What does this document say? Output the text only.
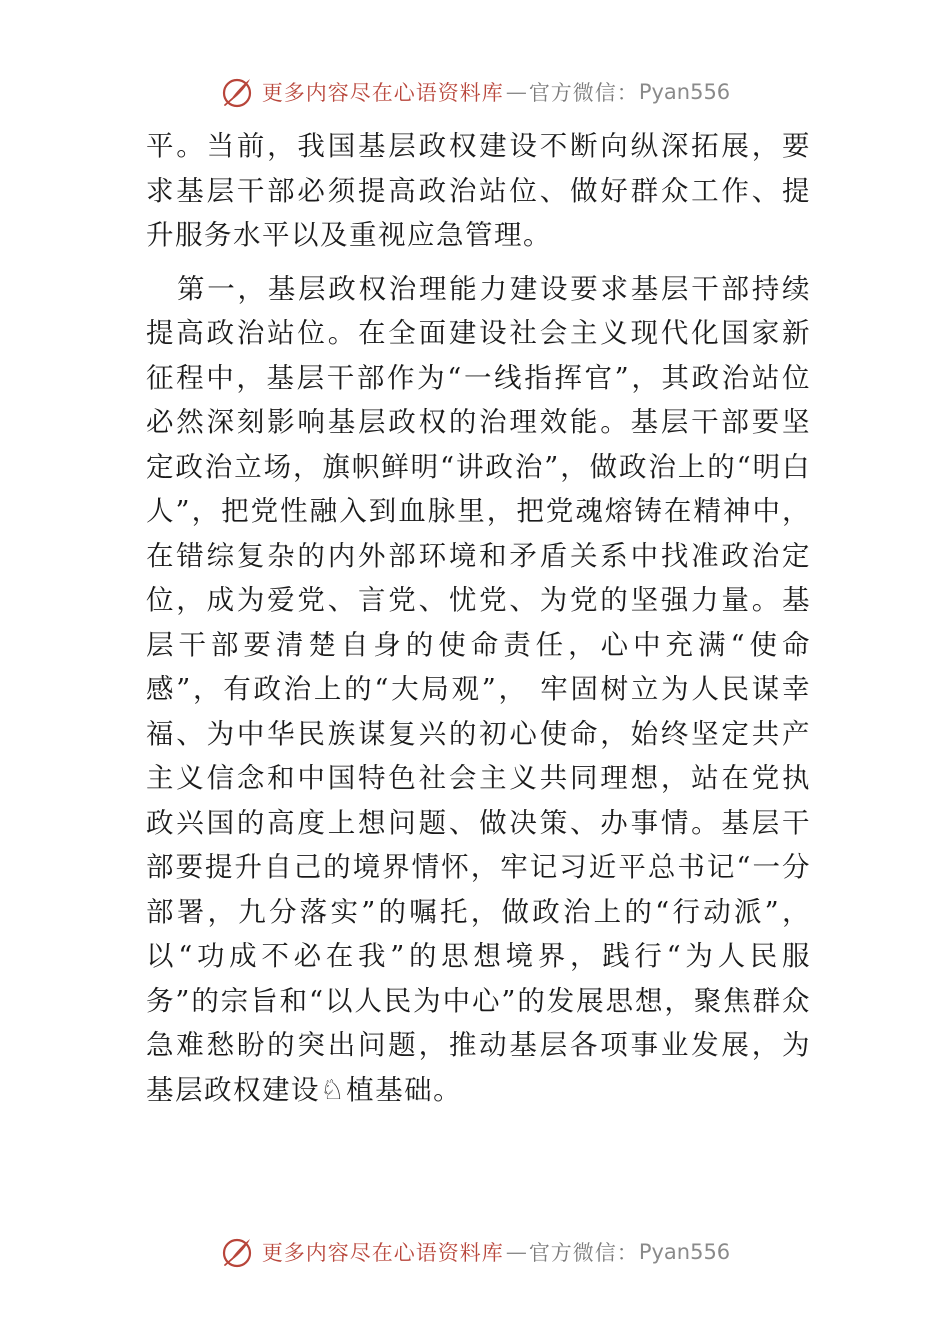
更多内容尽在心语资料库 — 官方微信： Pyan556

平。当前，我国基层政权建设不断向纵深拓展，要求基层干部必须提高政治站位、做好群众工作、提升服务水平以及重视应急管理。

第一，基层政权治理能力建设要求基层干部持续提高政治站位。在全面建设社会主义现代化国家新征程中，基层干部作为“一线指挥官”，其政治站位必然深刻影响基层政权的治理效能。基层干部要坚定政治立场，旗帜鲜明“讲政治”，做政治上的“明白人”，把党性融入到血脉里，把党魂熔铸在精神中，在错综复杂的内外部环境和矛盾关系中找准政治定位，成为爱党、言党、忧党、为党的坚强力量。基层干部要清楚自身的使命责任，心中充满“使命感”，有政治上的“大局观”， 牢固树立为人民谋幸福、为中华民族谋复兴的初心使命，始终坚定共产主义信念和中国特色社会主义共同理想，站在党执政兴国的高度上想问题、做决策、办事情。基层干部要提升自己的境界情怀，牢记习近平总书记“一分部署，九分落实”的嘱托，做政治上的“行动派”，以“功成不必在我”的思想境界，践行“为人民服务”的宗旨和“以人民为中心”的发展思想，聚焦群众急难愁盼的突出问题，推动基层各项事业发展，为基层政权建设♘植基础。

更多内容尽在心语资料库 — 官方微信： Pyan556
